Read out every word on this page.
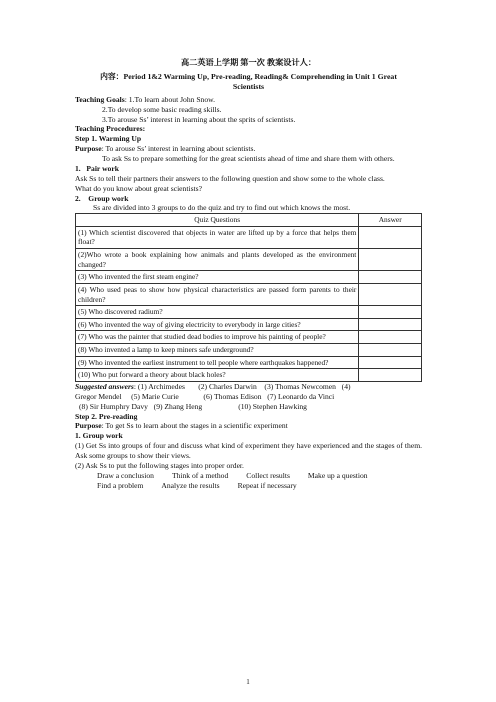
高二英语上学期 第一次 教案设计人：

内容：Period 1&2 Warming Up, Pre-reading, Reading& Comprehending in Unit 1 Great

Scientists

Teaching Goals: 1.To learn about John Snow.

2.To develop some basic reading skills.

3.To arouse Ss’ interest in learning about the sprits of scientists.

Teaching Procedures:

Step 1. Warming Up

Purpose: To arouse Ss’ interest in learning about scientists.

To ask Ss to prepare something for the great scientists ahead of time and share them with others.

1.   Pair work

Ask Ss to tell their partners their answers to the following question and show some to the whole class.

What do you know about great scientists?

2.    Group work

Ss are divided into 3 groups to do the quiz and try to find out which knows the most.

Quiz Questions	Answer
(1) Which scientist discovered that objects in water are lifted up by a force that helps them float?	
(2)Who wrote a book explaining how animals and plants developed as the environment changed?	
(3) Who invented the first steam engine?	
(4) Who used peas to show how physical characteristics are passed form parents to their children?	
(5) Who discovered radium?	
(6) Who invented the way of giving electricity to everybody in large cities?	
(7) Who was the painter that studied dead bodies to improve his painting of people?	
(8) Who invented a lamp to keep miners safe underground?	
(9) Who invented the earliest instrument to tell people where earthquakes happened?	
(10) Who put forward a theory about black holes?	

Suggested answers: (1) Archimedes       (2) Charles Darwin    (3) Thomas Newcomen   (4)

Gregor Mendel     (5) Marie Curie             (6) Thomas Edison   (7) Leonardo da Vinci

(8) Sir Humphry Davy   (9) Zhang Heng                   (10) Stephen Hawking

Step 2. Pre-reading

Purpose: To get Ss to learn about the stages in a scientific experiment

1. Group work

(1) Get Ss into groups of four and discuss what kind of experiment they have experienced and the stages of them. Ask some groups to show their views.

(2) Ask Ss to put the following stages into proper order.

Draw a conclusion Think of a method Collect results Make up a question

Find a problem Analyze the results Repeat if necessary

1
